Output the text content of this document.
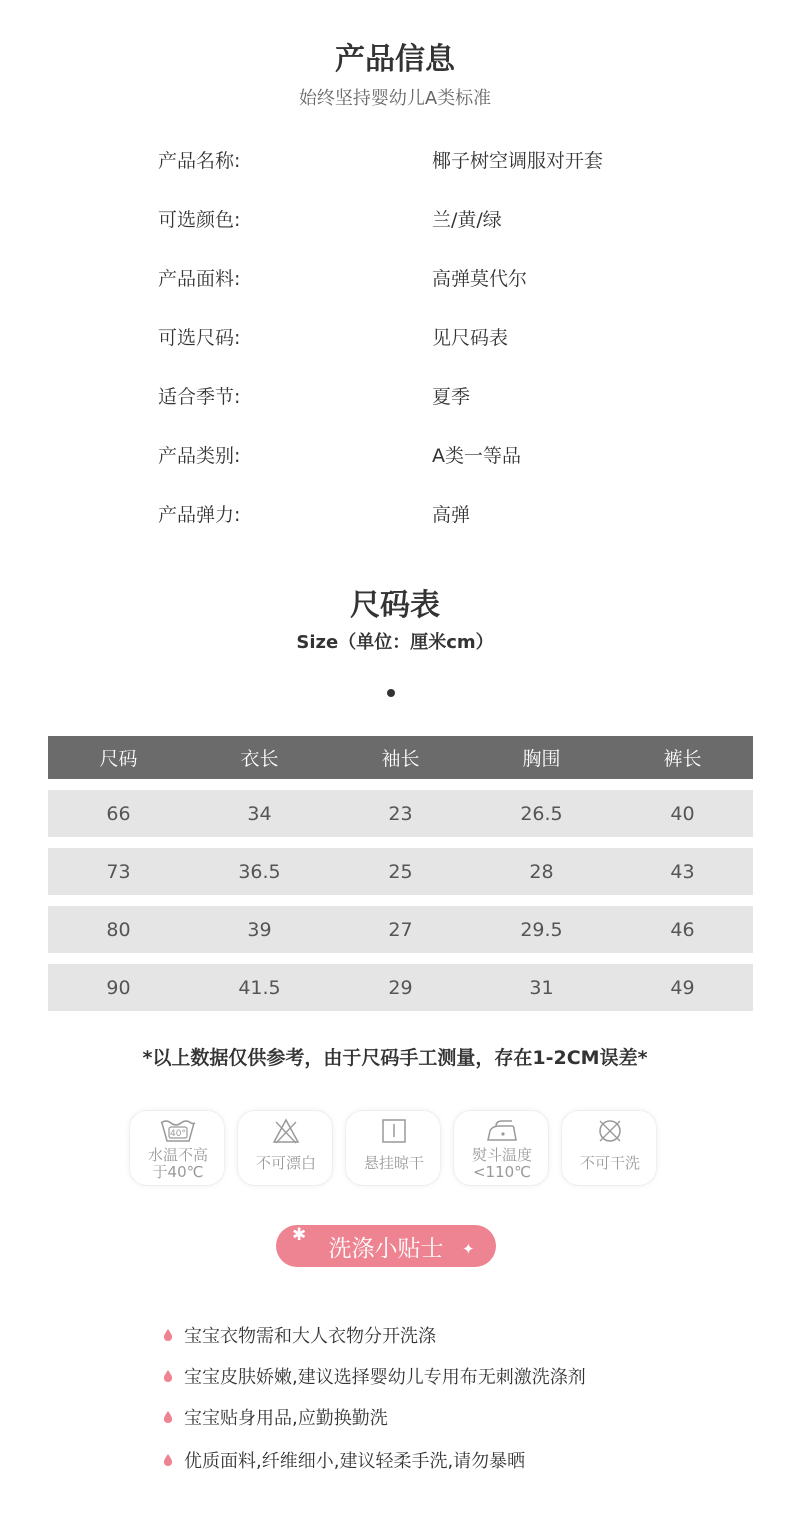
产品信息
始终坚持婴幼儿A类标准
产品名称:	椰子树空调服对开套
可选颜色:	兰/黄/绿
产品面料:	高弹莫代尔
可选尺码:	见尺码表
适合季节:	夏季
产品类别:	A类一等品
产品弹力:	高弹
尺码表
Size（单位：厘米cm）
尺码	衣长	袖长	胸围	裤长
66	34	23	26.5	40
73	36.5	25	28	43
80	39	27	29.5	46
90	41.5	29	31	49
*以上数据仅供参考，由于尺码手工测量，存在1-2CM误差*
40°
水温不高
于40℃	不可漂白	悬挂晾干	熨斗温度
<110℃	不可干洗
✱
✦
洗涤小贴士
宝宝衣物需和大人衣物分开洗涤
宝宝皮肤娇嫩,建议选择婴幼儿专用布无刺激洗涤剂
宝宝贴身用品,应勤换勤洗
优质面料,纤维细小,建议轻柔手洗,请勿暴晒
